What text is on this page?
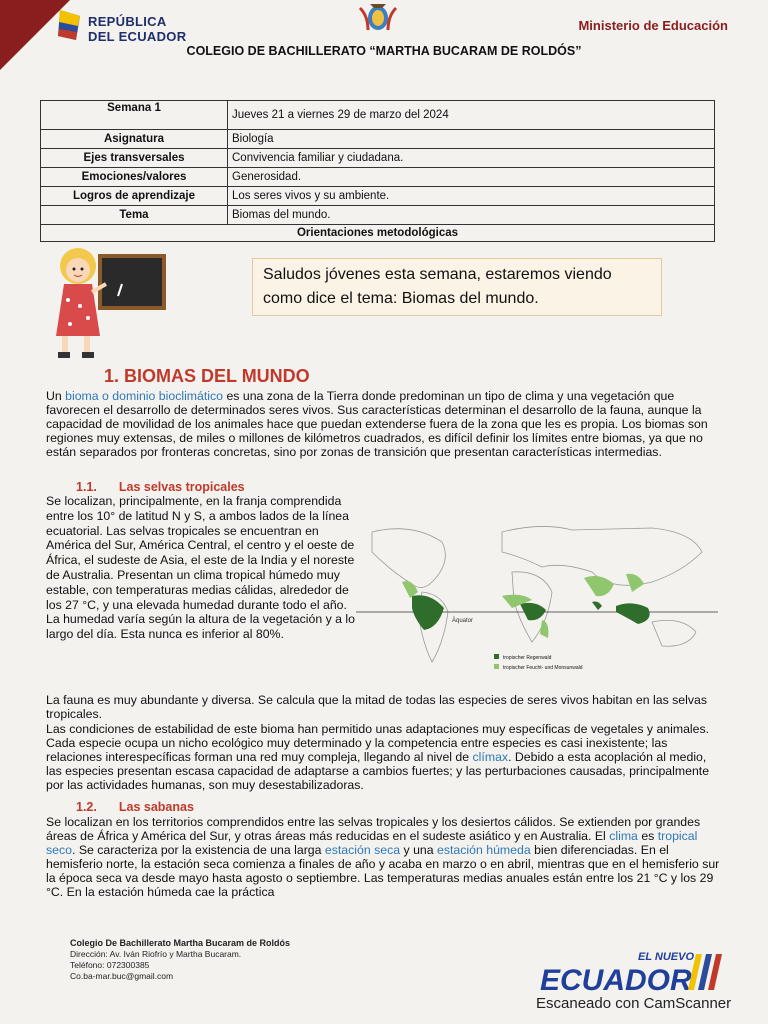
REPÚBLICA
DEL ECUADOR
Ministerio de Educación
COLEGIO DE BACHILLERATO “MARTHA BUCARAM DE ROLDÓS”
Semana 1	Jueves 21 a viernes 29 de marzo del 2024
Asignatura	Biología
Ejes transversales	Convivencia familiar y ciudadana.
Emociones/valores	Generosidad.
Logros de aprendizaje	Los seres vivos y su ambiente.
Tema	Biomas del mundo.
Orientaciones metodológicas	
Saludos jóvenes esta semana, estaremos viendo como dice el tema: Biomas del mundo.
1. BIOMAS DEL MUNDO
Un bioma o dominio bioclimático es una zona de la Tierra donde predominan un tipo de clima y una vegetación que favorecen el desarrollo de determinados seres vivos. Sus características determinan el desarrollo de la fauna, aunque la capacidad de movilidad de los animales hace que puedan extenderse fuera de la zona que les es propia. Los biomas son regiones muy extensas, de miles o millones de kilómetros cuadrados, es difícil definir los límites entre biomas, ya que no están separados por fronteras concretas, sino por zonas de transición que presentan características intermedias.
1.1. Las selvas tropicales
Se localizan, principalmente, en la franja comprendida entre los 10° de latitud N y S, a ambos lados de la línea ecuatorial. Las selvas tropicales se encuentran en América del Sur, América Central, el centro y el oeste de África, el sudeste de Asia, el este de la India y el noreste de Australia. Presentan un clima tropical húmedo muy estable, con temperaturas medias cálidas, alrededor de los 27 °C, y una elevada humedad durante todo el año. La humedad varía según la altura de la vegetación y a lo largo del día. Esta nunca es inferior al 80%.
Äquator
tropischer Regenwald
tropischer Feucht- und Monsunwald
La fauna es muy abundante y diversa. Se calcula que la mitad de todas las especies de seres vivos habitan en las selvas tropicales.
Las condiciones de estabilidad de este bioma han permitido unas adaptaciones muy específicas de vegetales y animales. Cada especie ocupa un nicho ecológico muy determinado y la competencia entre especies es casi inexistente; las relaciones interespecíficas forman una red muy compleja, llegando al nivel de clímax. Debido a esta acoplación al medio, las especies presentan escasa capacidad de adaptarse a cambios fuertes; y las perturbaciones causadas, principalmente por las actividades humanas, son muy desestabilizadoras.
1.2. Las sabanas
Se localizan en los territorios comprendidos entre las selvas tropicales y los desiertos cálidos. Se extienden por grandes áreas de África y América del Sur, y otras áreas más reducidas en el sudeste asiático y en Australia. El clima es tropical seco. Se caracteriza por la existencia de una larga estación seca y una estación húmeda bien diferenciadas. En el hemisferio norte, la estación seca comienza a finales de año y acaba en marzo o en abril, mientras que en el hemisferio sur la época seca va desde mayo hasta agosto o septiembre. Las temperaturas medias anuales están entre los 21 °C y los 29 °C. En la estación húmeda cae la práctica
Colegio De Bachillerato Martha Bucaram de Roldós
Dirección: Av. Iván Riofrío y Martha Bucaram.
Teléfono: 072300385
Co.ba-mar.buc@gmail.com
EL NUEVO
ECUADOR
Escaneado con CamScanner
